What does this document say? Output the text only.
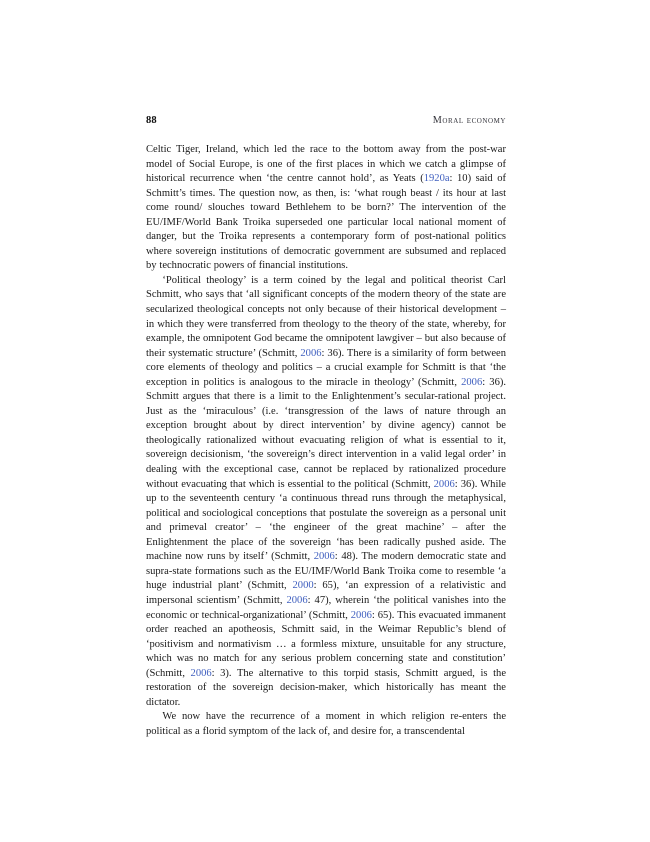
88	Moral economy

Celtic Tiger, Ireland, which led the race to the bottom away from the post-war model of Social Europe, is one of the first places in which we catch a glimpse of historical recurrence when ‘the centre cannot hold’, as Yeats (1920a: 10) said of Schmitt’s times. The question now, as then, is: ‘what rough beast / its hour at last come round/ slouches toward Bethlehem to be born?’ The intervention of the EU/IMF/World Bank Troika superseded one particular local national moment of danger, but the Troika represents a contemporary form of post-national politics where sovereign institutions of democratic government are subsumed and replaced by technocratic powers of financial institutions.

‘Political theology’ is a term coined by the legal and political theorist Carl Schmitt, who says that ‘all significant concepts of the modern theory of the state are secularized theological concepts not only because of their historical development – in which they were transferred from theology to the theory of the state, whereby, for example, the omnipotent God became the omnipotent lawgiver – but also because of their systematic structure’ (Schmitt, 2006: 36). There is a similarity of form between core elements of theology and politics – a crucial example for Schmitt is that ‘the exception in politics is analogous to the miracle in theology’ (Schmitt, 2006: 36). Schmitt argues that there is a limit to the Enlightenment’s secular-rational project. Just as the ‘miraculous’ (i.e. ‘transgression of the laws of nature through an exception brought about by direct intervention’ by divine agency) cannot be theologically rationalized without evacuating religion of what is essential to it, sovereign decisionism, ‘the sovereign’s direct intervention in a valid legal order’ in dealing with the exceptional case, cannot be replaced by rationalized procedure without evacuating that which is essential to the political (Schmitt, 2006: 36). While up to the seventeenth century ‘a continuous thread runs through the metaphysical, political and sociological conceptions that postulate the sovereign as a personal unit and primeval creator’ – ‘the engineer of the great machine’ – after the Enlightenment the place of the sovereign ‘has been radically pushed aside. The machine now runs by itself’ (Schmitt, 2006: 48). The modern democratic state and supra-state formations such as the EU/IMF/World Bank Troika come to resemble ‘a huge industrial plant’ (Schmitt, 2000: 65), ‘an expression of a relativistic and impersonal scientism’ (Schmitt, 2006: 47), wherein ‘the political vanishes into the economic or technical-organizational’ (Schmitt, 2006: 65). This evacuated immanent order reached an apotheosis, Schmitt said, in the Weimar Republic’s blend of ‘positivism and normativism … a formless mixture, unsuitable for any structure, which was no match for any serious problem concerning state and constitution’ (Schmitt, 2006: 3). The alternative to this torpid stasis, Schmitt argued, is the restoration of the sovereign decision-maker, which historically has meant the dictator.

We now have the recurrence of a moment in which religion re-enters the political as a florid symptom of the lack of, and desire for, a transcendental
